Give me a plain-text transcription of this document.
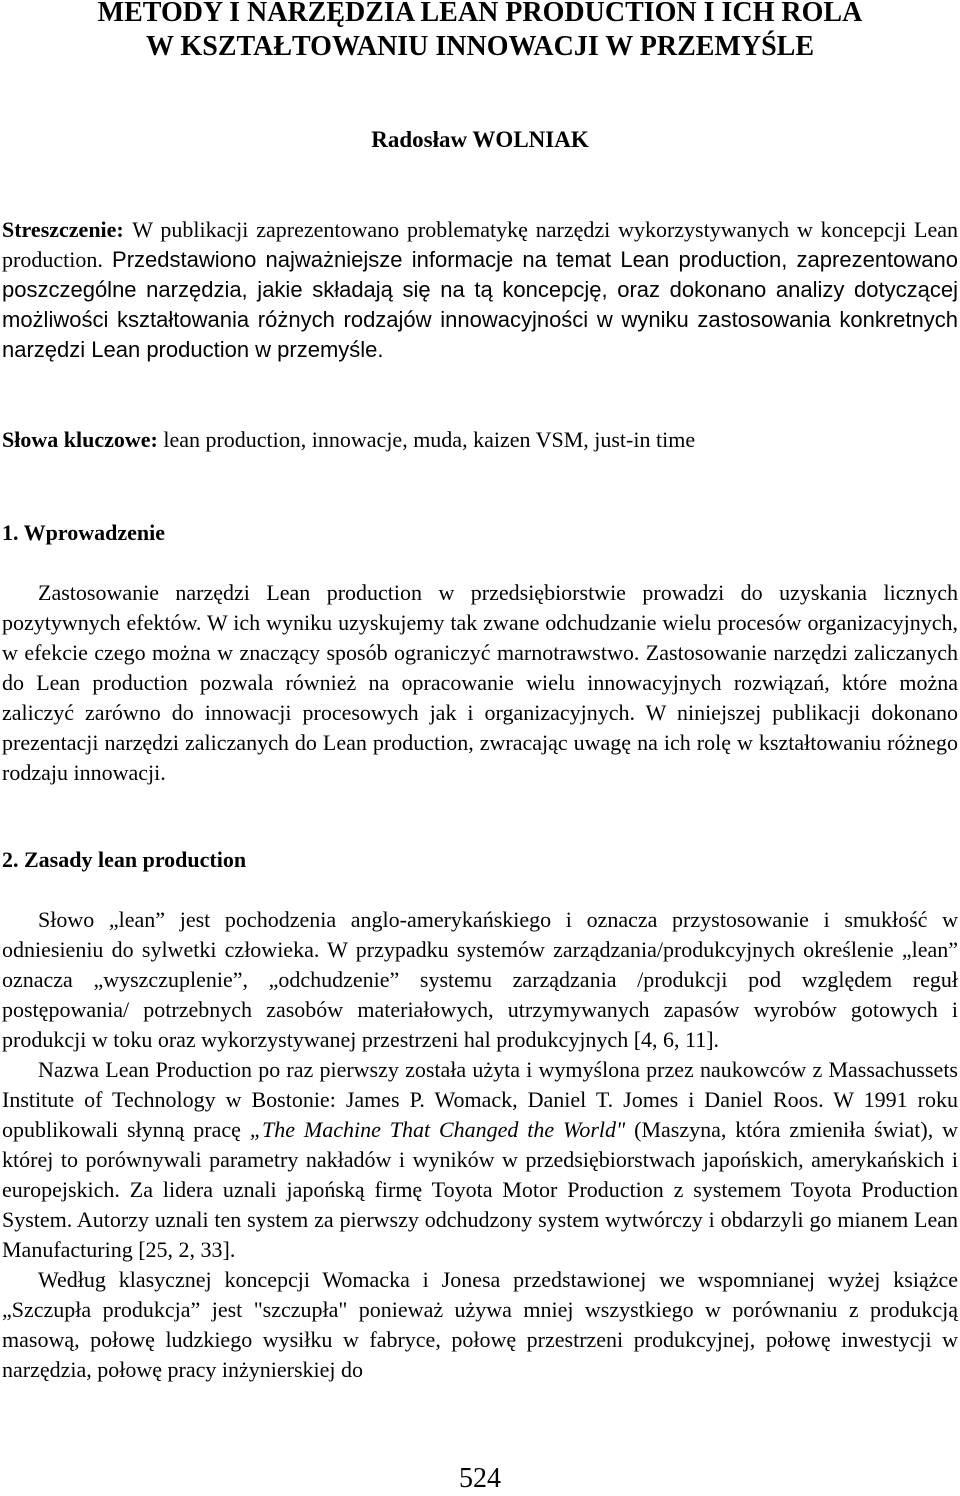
METODY I NARZĘDZIA LEAN PRODUCTION I ICH ROLA
W KSZTAŁTOWANIU INNOWACJI W PRZEMYŚLE
Radosław WOLNIAK

Streszczenie: W publikacji zaprezentowano problematykę narzędzi wykorzystywanych w koncepcji Lean production. Przedstawiono najważniejsze informacje na temat Lean production, zaprezentowano poszczególne narzędzia, jakie składają się na tą koncepcję, oraz dokonano analizy dotyczącej możliwości kształtowania różnych rodzajów innowacyjności w wyniku zastosowania konkretnych narzędzi Lean production w przemyśle.

Słowa kluczowe: lean production, innowacje, muda, kaizen VSM, just-in time

1. Wprowadzenie

Zastosowanie narzędzi Lean production w przedsiębiorstwie prowadzi do uzyskania licznych pozytywnych efektów. W ich wyniku uzyskujemy tak zwane odchudzanie wielu procesów organizacyjnych, w efekcie czego można w znaczący sposób ograniczyć marnotrawstwo. Zastosowanie narzędzi zaliczanych do Lean production pozwala również na opracowanie wielu innowacyjnych rozwiązań, które można zaliczyć zarówno do innowacji procesowych jak i organizacyjnych. W niniejszej publikacji dokonano prezentacji narzędzi zaliczanych do Lean production, zwracając uwagę na ich rolę w kształtowaniu różnego rodzaju innowacji.

2. Zasady lean production

Słowo „lean” jest pochodzenia anglo-amerykańskiego i oznacza przystosowanie i smukłość w odniesieniu do sylwetki człowieka. W przypadku systemów zarządzania/produkcyjnych określenie „lean” oznacza „wyszczuplenie”, „odchudzenie” systemu zarządzania /produkcji pod względem reguł postępowania/ potrzebnych zasobów materiałowych, utrzymywanych zapasów wyrobów gotowych i produkcji w toku oraz wykorzystywanej przestrzeni hal produkcyjnych [4, 6, 11].

Nazwa Lean Production po raz pierwszy została użyta i wymyślona przez naukowców z Massachussets Institute of Technology w Bostonie: James P. Womack, Daniel T. Jomes i Daniel Roos. W 1991 roku opublikowali słynną pracę „The Machine That Changed the World" (Maszyna, która zmieniła świat), w której to porównywali parametry nakładów i wyników w przedsiębiorstwach japońskich, amerykańskich i europejskich. Za lidera uznali japońską firmę Toyota Motor Production z systemem Toyota Production System. Autorzy uznali ten system za pierwszy odchudzony system wytwórczy i obdarzyli go mianem Lean Manufacturing [25, 2, 33].

Według klasycznej koncepcji Womacka i Jonesa przedstawionej we wspomnianej wyżej książce „Szczupła produkcja” jest "szczupła" ponieważ używa mniej wszystkiego w porównaniu z produkcją masową, połowę ludzkiego wysiłku w fabryce, połowę przestrzeni produkcyjnej, połowę inwestycji w narzędzia, połowę pracy inżynierskiej do

524
